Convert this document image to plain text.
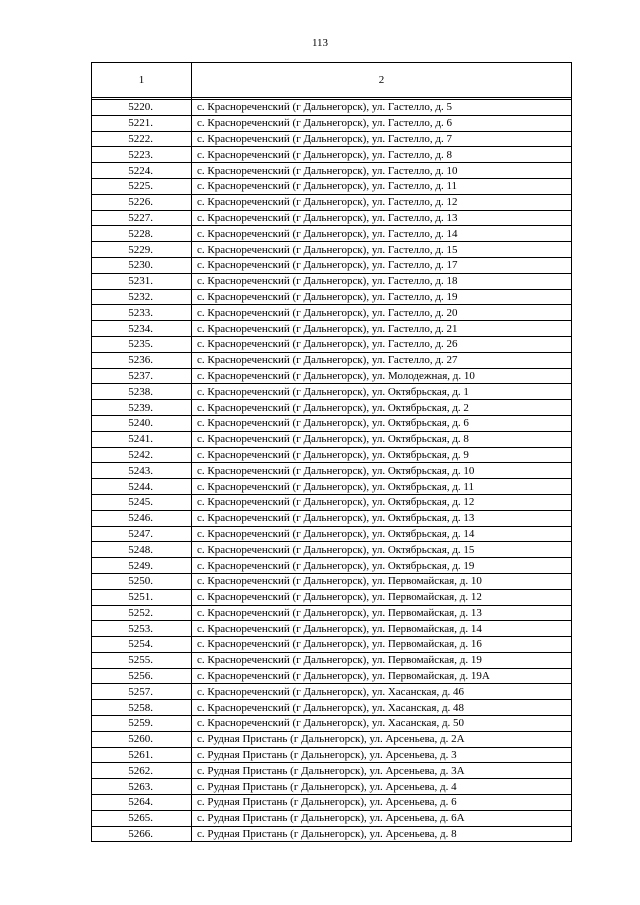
113
1	2

5220.	с. Краснореченский (г Дальнегорск), ул. Гастелло, д. 5
5221.	с. Краснореченский (г Дальнегорск), ул. Гастелло, д. 6
5222.	с. Краснореченский (г Дальнегорск), ул. Гастелло, д. 7
5223.	с. Краснореченский (г Дальнегорск), ул. Гастелло, д. 8
5224.	с. Краснореченский (г Дальнегорск), ул. Гастелло, д. 10
5225.	с. Краснореченский (г Дальнегорск), ул. Гастелло, д. 11
5226.	с. Краснореченский (г Дальнегорск), ул. Гастелло, д. 12
5227.	с. Краснореченский (г Дальнегорск), ул. Гастелло, д. 13
5228.	с. Краснореченский (г Дальнегорск), ул. Гастелло, д. 14
5229.	с. Краснореченский (г Дальнегорск), ул. Гастелло, д. 15
5230.	с. Краснореченский (г Дальнегорск), ул. Гастелло, д. 17
5231.	с. Краснореченский (г Дальнегорск), ул. Гастелло, д. 18
5232.	с. Краснореченский (г Дальнегорск), ул. Гастелло, д. 19
5233.	с. Краснореченский (г Дальнегорск), ул. Гастелло, д. 20
5234.	с. Краснореченский (г Дальнегорск), ул. Гастелло, д. 21
5235.	с. Краснореченский (г Дальнегорск), ул. Гастелло, д. 26
5236.	с. Краснореченский (г Дальнегорск), ул. Гастелло, д. 27
5237.	с. Краснореченский (г Дальнегорск), ул. Молодежная, д. 10
5238.	с. Краснореченский (г Дальнегорск), ул. Октябрьская, д. 1
5239.	с. Краснореченский (г Дальнегорск), ул. Октябрьская, д. 2
5240.	с. Краснореченский (г Дальнегорск), ул. Октябрьская, д. 6
5241.	с. Краснореченский (г Дальнегорск), ул. Октябрьская, д. 8
5242.	с. Краснореченский (г Дальнегорск), ул. Октябрьская, д. 9
5243.	с. Краснореченский (г Дальнегорск), ул. Октябрьская, д. 10
5244.	с. Краснореченский (г Дальнегорск), ул. Октябрьская, д. 11
5245.	с. Краснореченский (г Дальнегорск), ул. Октябрьская, д. 12
5246.	с. Краснореченский (г Дальнегорск), ул. Октябрьская, д. 13
5247.	с. Краснореченский (г Дальнегорск), ул. Октябрьская, д. 14
5248.	с. Краснореченский (г Дальнегорск), ул. Октябрьская, д. 15
5249.	с. Краснореченский (г Дальнегорск), ул. Октябрьская, д. 19
5250.	с. Краснореченский (г Дальнегорск), ул. Первомайская, д. 10
5251.	с. Краснореченский (г Дальнегорск), ул. Первомайская, д. 12
5252.	с. Краснореченский (г Дальнегорск), ул. Первомайская, д. 13
5253.	с. Краснореченский (г Дальнегорск), ул. Первомайская, д. 14
5254.	с. Краснореченский (г Дальнегорск), ул. Первомайская, д. 16
5255.	с. Краснореченский (г Дальнегорск), ул. Первомайская, д. 19
5256.	с. Краснореченский (г Дальнегорск), ул. Первомайская, д. 19А
5257.	с. Краснореченский (г Дальнегорск), ул. Хасанская, д. 46
5258.	с. Краснореченский (г Дальнегорск), ул. Хасанская, д. 48
5259.	с. Краснореченский (г Дальнегорск), ул. Хасанская, д. 50
5260.	с. Рудная Пристань (г Дальнегорск), ул. Арсеньева, д. 2А
5261.	с. Рудная Пристань (г Дальнегорск), ул. Арсеньева, д. 3
5262.	с. Рудная Пристань (г Дальнегорск), ул. Арсеньева, д. 3А
5263.	с. Рудная Пристань (г Дальнегорск), ул. Арсеньева, д. 4
5264.	с. Рудная Пристань (г Дальнегорск), ул. Арсеньева, д. 6
5265.	с. Рудная Пристань (г Дальнегорск), ул. Арсеньева, д. 6А
5266.	с. Рудная Пристань (г Дальнегорск), ул. Арсеньева, д. 8
